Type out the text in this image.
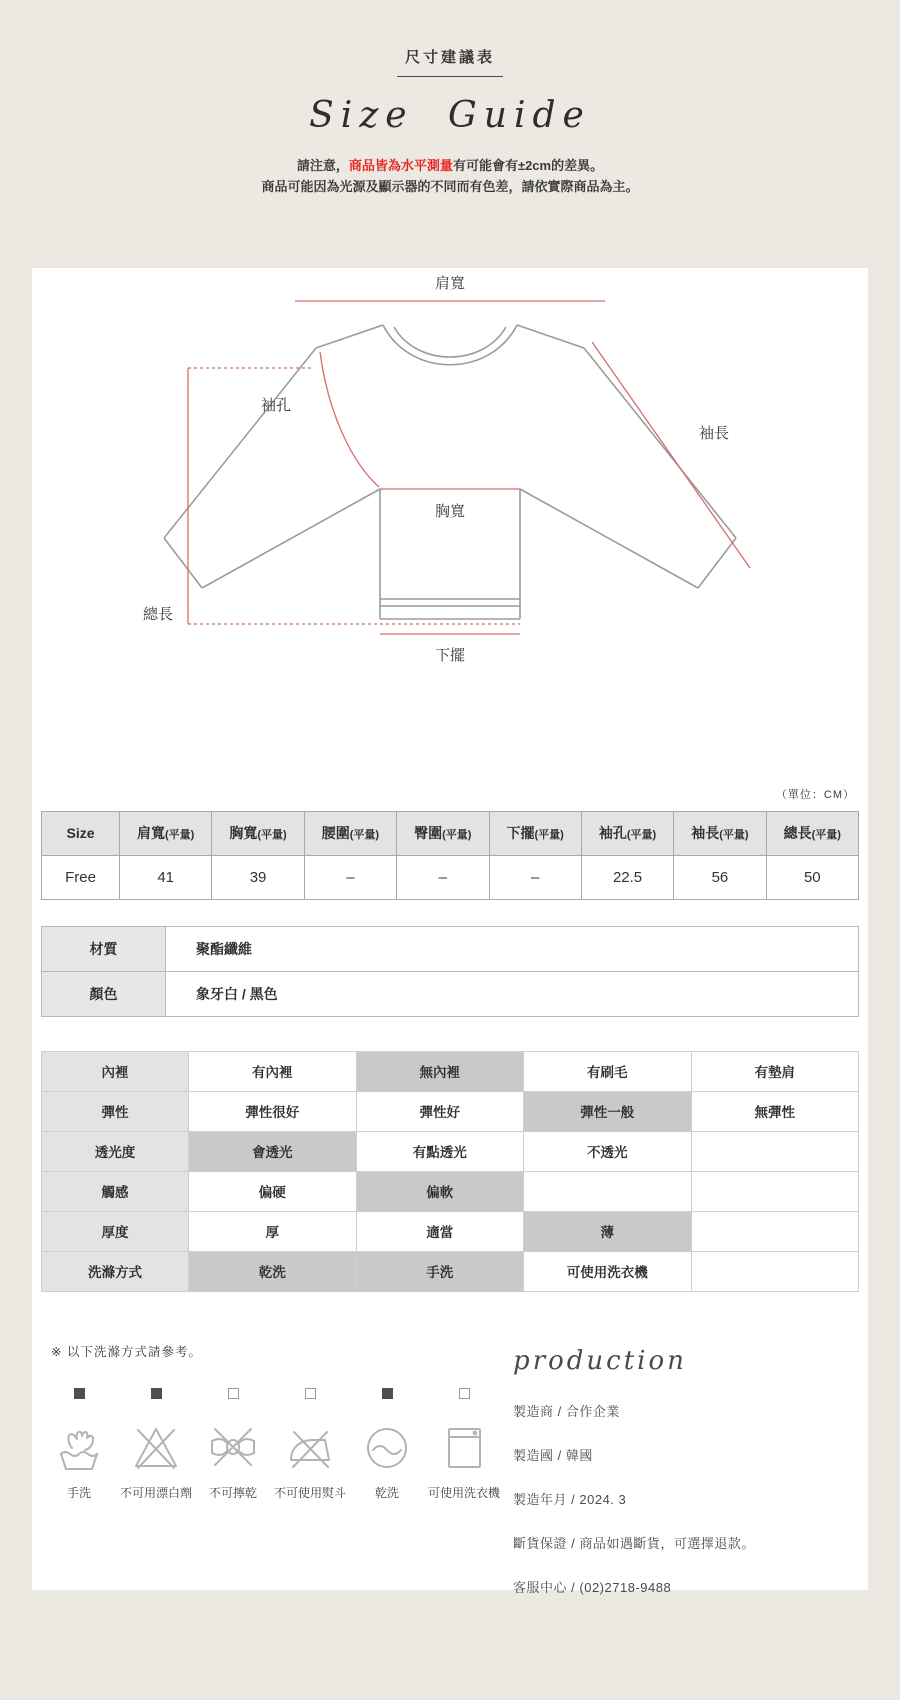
尺寸建議表
Size Guide
請注意，商品皆為水平測量有可能會有±2cm的差異。
商品可能因為光源及顯示器的不同而有色差，請依實際商品為主。
肩寬
袖孔
袖長
胸寬
總長
下擺
（單位：CM）
Size	肩寬(平量)	胸寬(平量)	腰圍(平量)	臀圍(平量)	下擺(平量)	袖孔(平量)	袖長(平量)	總長(平量)
Free	41	39	–	–	–	22.5	56	50
材質	聚酯纖維
顏色	象牙白 / 黑色
內裡	有內裡	無內裡	有刷毛	有墊肩
彈性	彈性很好	彈性好	彈性一般	無彈性
透光度	會透光	有點透光	不透光	
觸感	偏硬	偏軟		
厚度	厚	適當	薄	
洗滌方式	乾洗	手洗	可使用洗衣機	
※ 以下洗滌方式請參考。
手洗 不可用漂白劑 不可擰乾 不可使用熨斗 乾洗 可使用洗衣機
production

製造商 / 合作企業

製造國 / 韓國

製造年月 / 2024. 3

斷貨保證 / 商品如遇斷貨，可選擇退款。

客服中心 / (02)2718-9488
